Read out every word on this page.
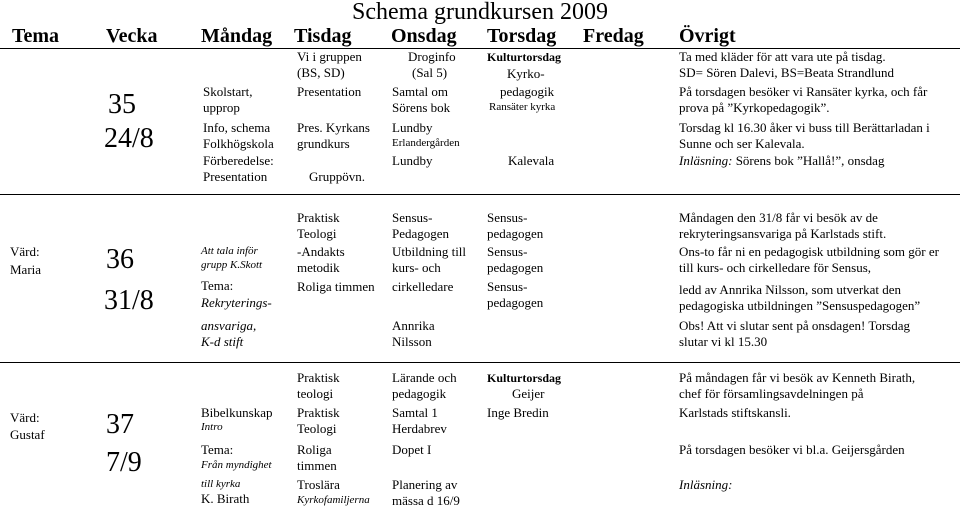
Schema grundkursen 2009
Tema Vecka Måndag Tisdag Onsdag Torsdag Fredag Övrigt
35
24/8
Skolstart,
upprop
Info, schema
Folkhögskola
Förberedelse:
Presentation
Vi i gruppen
(BS, SD)
Presentation
Pres. Kyrkans
grundkurs
Gruppövn.
Droginfo
(Sal 5)
Samtal om
Sörens bok
Lundby
Erlandergården
Lundby
Kulturtorsdag
Kyrko-
pedagogik
Ransäter kyrka
Kalevala
Ta med kläder för att vara ute på tisdag.
SD= Sören Dalevi, BS=Beata Strandlund
På torsdagen besöker vi Ransäter kyrka, och får
prova på ”Kyrkopedagogik”.
Torsdag kl 16.30 åker vi buss till Berättarladan i
Sunne och ser Kalevala.
Inläsning: Sörens bok ”Hallå!”, onsdag
Värd:
Maria 36
31/8
Att tala inför
grupp K.Skott
Tema:
Rekryterings-
ansvariga,
K-d stift
Praktisk
Teologi
-Andakts
metodik
Roliga timmen
Sensus-
Pedagogen
Utbildning till
kurs- och
cirkelledare
Annrika
Nilsson
Sensus-
pedagogen
Sensus-
pedagogen
Sensus-
pedagogen
Måndagen den 31/8 får vi besök av de
rekryteringsansvariga på Karlstads stift.
Ons-to får ni en pedagogisk utbildning som gör er
till kurs- och cirkelledare för Sensus,
ledd av Annrika Nilsson, som utverkat den
pedagogiska utbildningen ”Sensuspedagogen”
Obs! Att vi slutar sent på onsdagen! Torsdag
slutar vi kl 15.30
Värd:
Gustaf 37
7/9
Bibelkunskap
Intro
Tema:
Från myndighet
till kyrka
K. Birath
Praktisk
teologi
Praktisk
Teologi
Roliga
timmen
Troslära
Kyrkofamiljerna
Lärande och
pedagogik
Samtal 1
Herdabrev
Dopet I
Planering av
mässa d 16/9
Kulturtorsdag
Geijer
Inge Bredin
På måndagen får vi besök av Kenneth Birath,
chef för församlingsavdelningen på
Karlstads stiftskansli.
På torsdagen besöker vi bl.a. Geijersgården
Inläsning:
